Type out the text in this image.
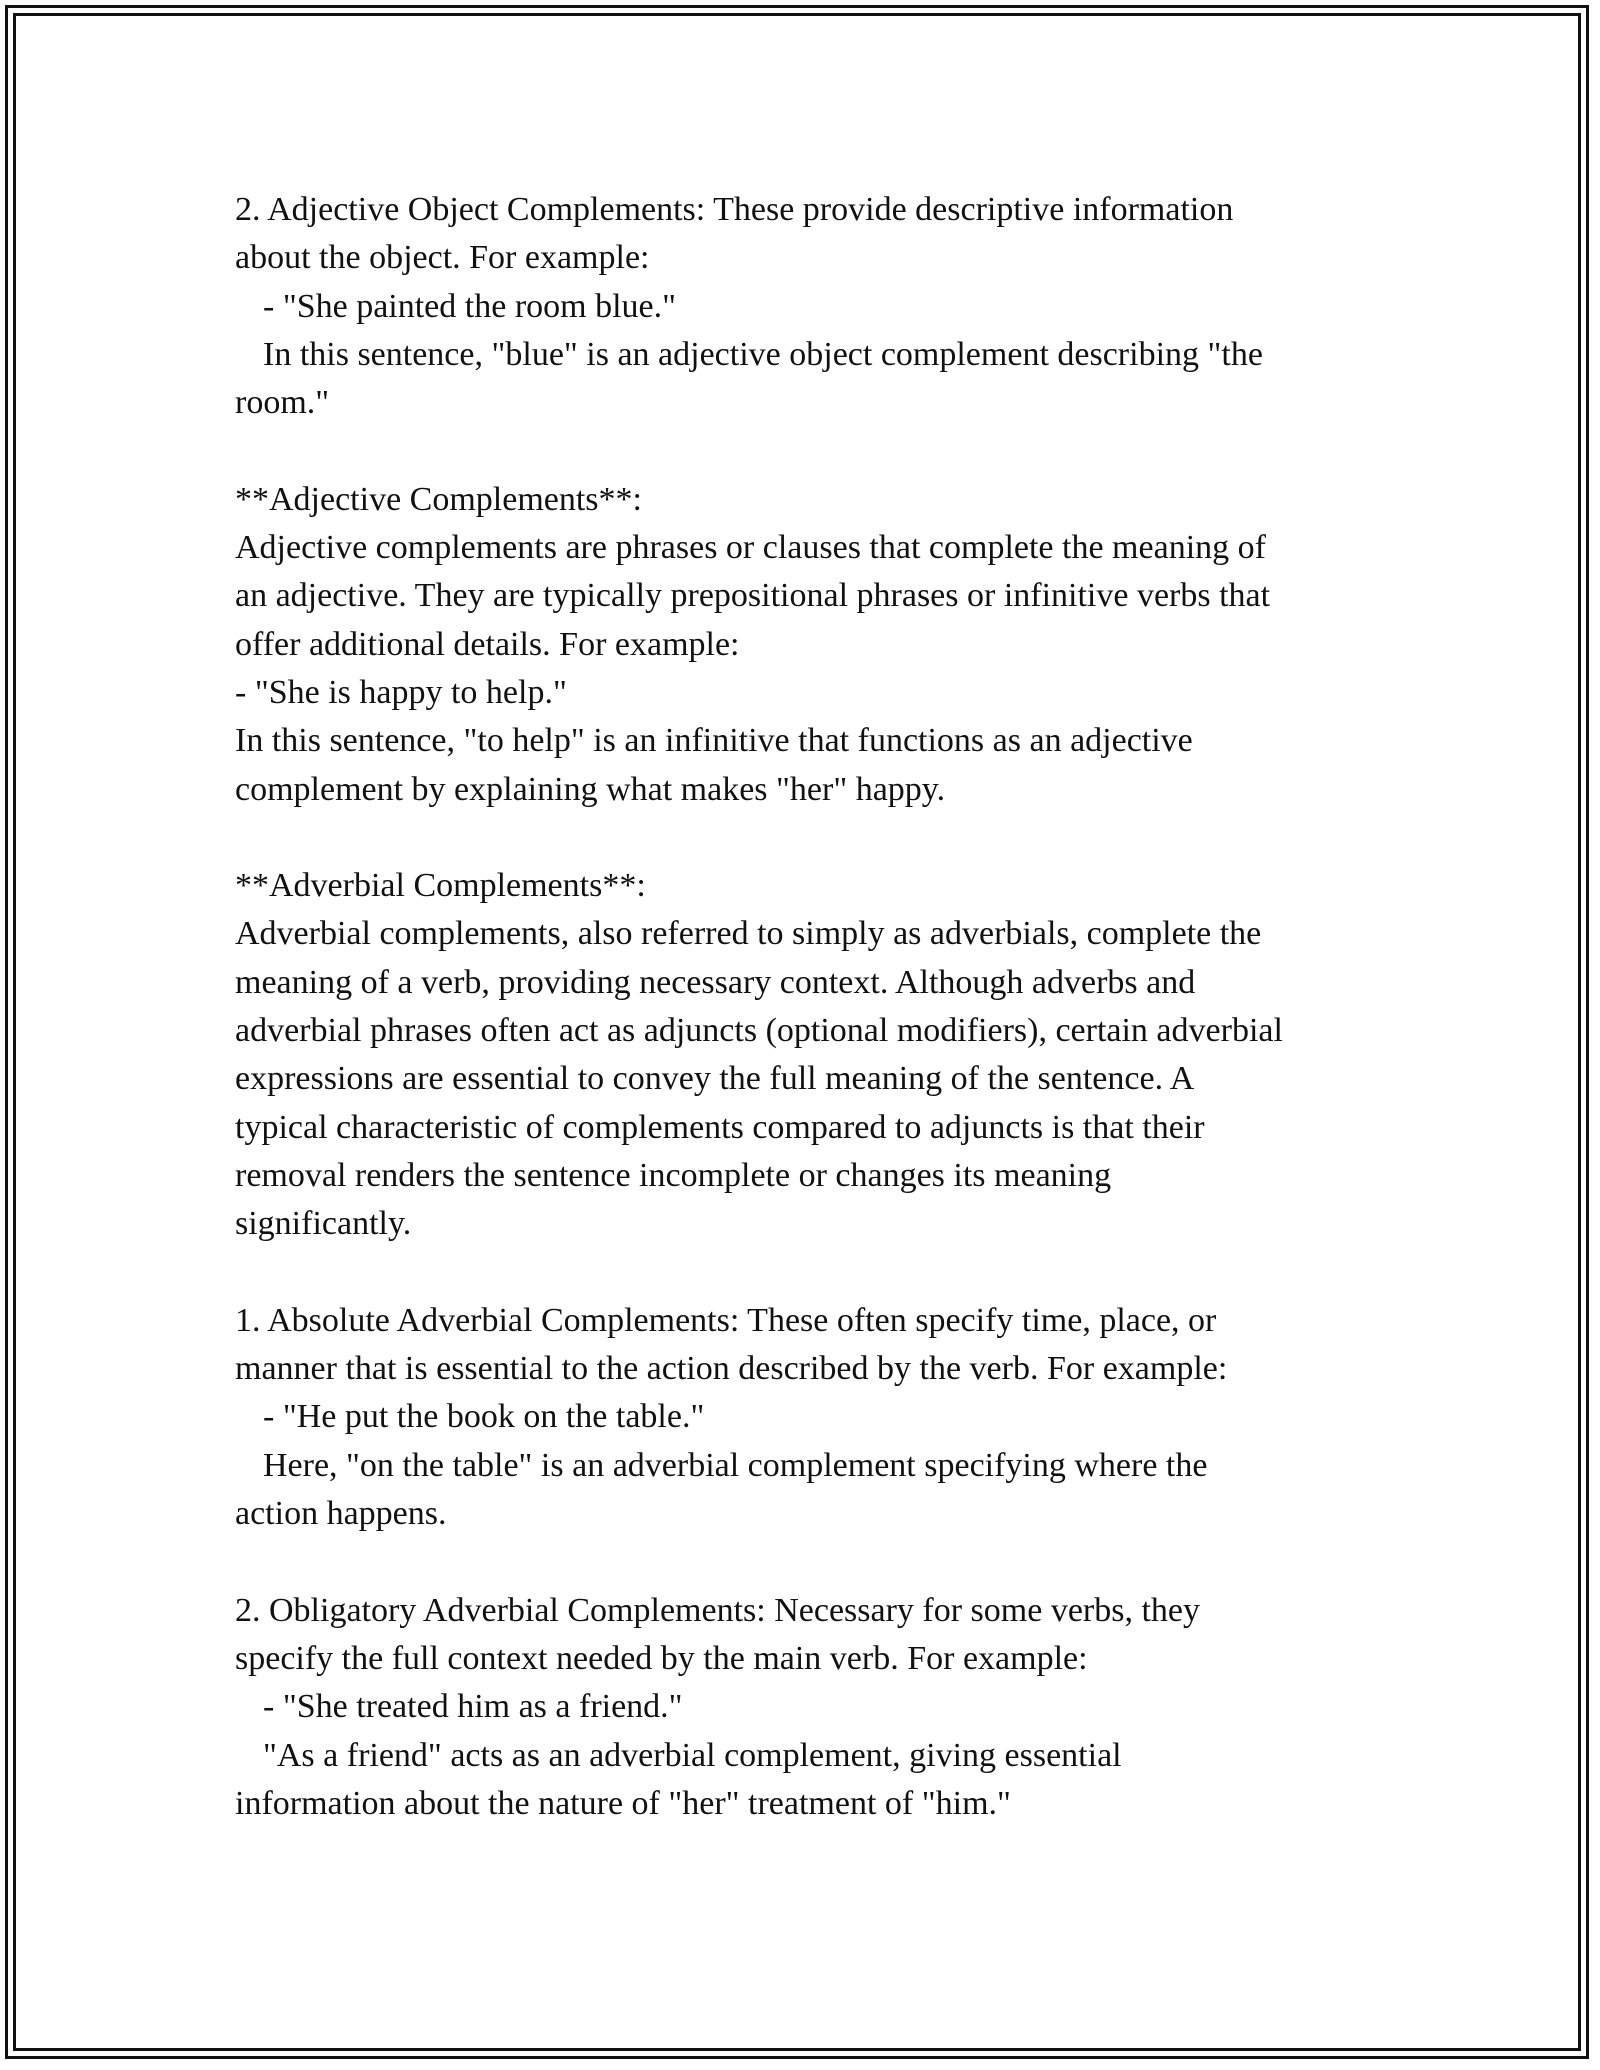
2. Adjective Object Complements: These provide descriptive information
about the object. For example:
- "She painted the room blue."
In this sentence, "blue" is an adjective object complement describing "the
room."
**Adjective Complements**:
Adjective complements are phrases or clauses that complete the meaning of
an adjective. They are typically prepositional phrases or infinitive verbs that
offer additional details. For example:
- "She is happy to help."
In this sentence, "to help" is an infinitive that functions as an adjective
complement by explaining what makes "her" happy.
**Adverbial Complements**:
Adverbial complements, also referred to simply as adverbials, complete the
meaning of a verb, providing necessary context. Although adverbs and
adverbial phrases often act as adjuncts (optional modifiers), certain adverbial
expressions are essential to convey the full meaning of the sentence. A
typical characteristic of complements compared to adjuncts is that their
removal renders the sentence incomplete or changes its meaning
significantly.
1. Absolute Adverbial Complements: These often specify time, place, or
manner that is essential to the action described by the verb. For example:
- "He put the book on the table."
Here, "on the table" is an adverbial complement specifying where the
action happens.
2. Obligatory Adverbial Complements: Necessary for some verbs, they
specify the full context needed by the main verb. For example:
- "She treated him as a friend."
"As a friend" acts as an adverbial complement, giving essential
information about the nature of "her" treatment of "him."
